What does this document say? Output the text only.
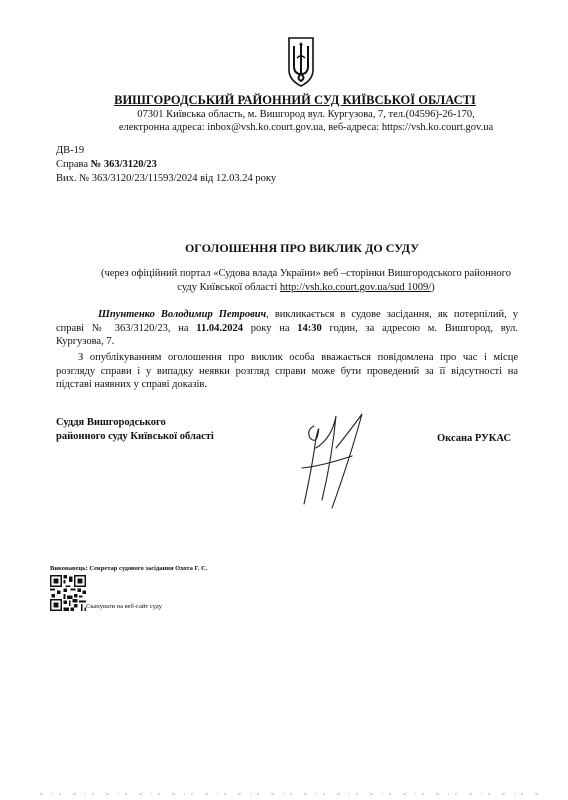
ВИШГОРОДСЬКИЙ РАЙОННИЙ СУД КИЇВСЬКОЇ ОБЛАСТІ
07301 Київська область, м. Вишгород вул. Кургузова, 7, тел.(04596)-26-170,
електронна адреса: inbox@vsh.ko.court.gov.ua, веб-адреса: https://vsh.ko.court.gov.ua
ДВ-19
Справа № 363/3120/23
Вих. № 363/3120/23/11593/2024 від 12.03.24 року
ОГОЛОШЕННЯ ПРО ВИКЛИК ДО СУДУ
(через офіційний портал «Судова влада України» веб –сторінки Вишгородського районного
суду Київської області http://vsh.ko.court.gov.ua/sud 1009/)
Шпунтенко Володимир Петрович, викликається в судове засідання, як потерпілий, у
справі № 363/3120/23, на 11.04.2024 року на 14:30 годин, за адресою м. Вишгород, вул.
Кургузова, 7.
З опублікуванням оголошення про виклик особа вважається повідомлена про час і місце
розгляду справи і у випадку неявки розгляд справи може бути проведений за її відсутності на
підставі наявних у справі доказів.
Суддя Вишгородського
районного суду Київської області	Оксана РУКАС
Виконавець: Секретар судового засідання Охота Г. С.
Сканувати на веб-сайт суду
